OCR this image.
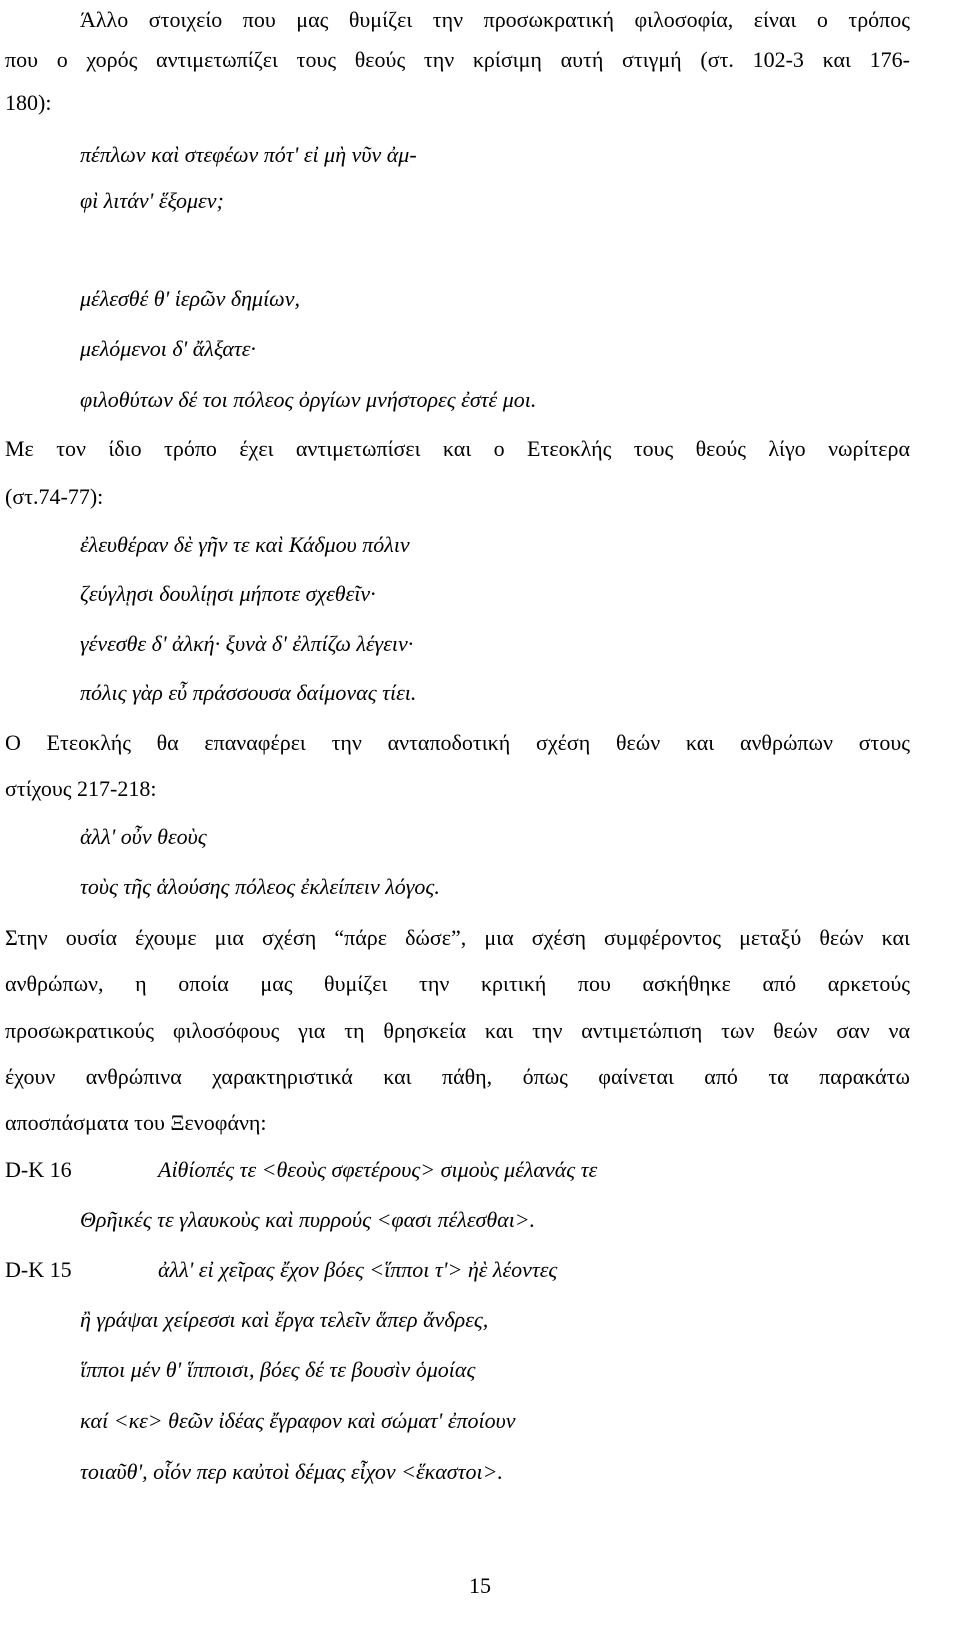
Άλλο στοιχείο που μας θυμίζει την προσωκρατική φιλοσοφία, είναι ο τρόπος
που ο χορός αντιμετωπίζει τους θεούς την κρίσιμη αυτή στιγμή (στ. 102-3 και 176-
180):
πέπλων καὶ στεφέων πότ' εἰ μὴ νῦν ἀμ-
φὶ λιτάν' ἕξομεν;
μέλεσθέ θ' ἱερῶν δημίων,
μελόμενοι δ' ἄλξατε·
φιλοθύτων δέ τοι πόλεος ὀργίων μνήστορες ἐστέ μοι.
Με τον ίδιο τρόπο έχει αντιμετωπίσει και ο Ετεοκλής τους θεούς λίγο νωρίτερα
(στ.74-77):
ἐλευθέραν δὲ γῆν τε καὶ Κάδμου πόλιν
ζεύγλῃσι δουλίῃσι μήποτε σχεθεῖν·
γένεσθε δ' ἀλκή· ξυνὰ δ' ἐλπίζω λέγειν·
πόλις γὰρ εὖ πράσσουσα δαίμονας τίει.
Ο Ετεοκλής θα επαναφέρει την ανταποδοτική σχέση θεών και ανθρώπων στους
στίχους 217-218:
ἀλλ' οὖν θεοὺς
τοὺς τῆς ἁλούσης πόλεος ἐκλείπειν λόγος.
Στην ουσία έχουμε μια σχέση “πάρε δώσε”, μια σχέση συμφέροντος μεταξύ θεών και
ανθρώπων, η οποία μας θυμίζει την κριτική που ασκήθηκε από αρκετούς
προσωκρατικούς φιλοσόφους για τη θρησκεία και την αντιμετώπιση των θεών σαν να
έχουν ανθρώπινα χαρακτηριστικά και πάθη, όπως φαίνεται από τα παρακάτω
αποσπάσματα του Ξενοφάνη:
D-K 16	Αἰθίοπές τε <θεοὺς σφετέρους> σιμοὺς μέλανάς τε
Θρῆικές τε γλαυκοὺς καὶ πυρρούς <φασι πέλεσθαι>.
D-K 15	ἀλλ' εἰ χεῖρας ἔχον βόες <ἵπποι τ'> ἠὲ λέοντες
ἢ γράψαι χείρεσσι καὶ ἔργα τελεῖν ἅπερ ἄνδρες,
ἵπποι μέν θ' ἵπποισι, βόες δέ τε βουσὶν ὁμοίας
καί <κε> θεῶν ἰδέας ἔγραφον καὶ σώματ' ἐποίουν
τοιαῦθ', οἷόν περ καὐτοὶ δέμας εἶχον <ἕκαστοι>.
15
